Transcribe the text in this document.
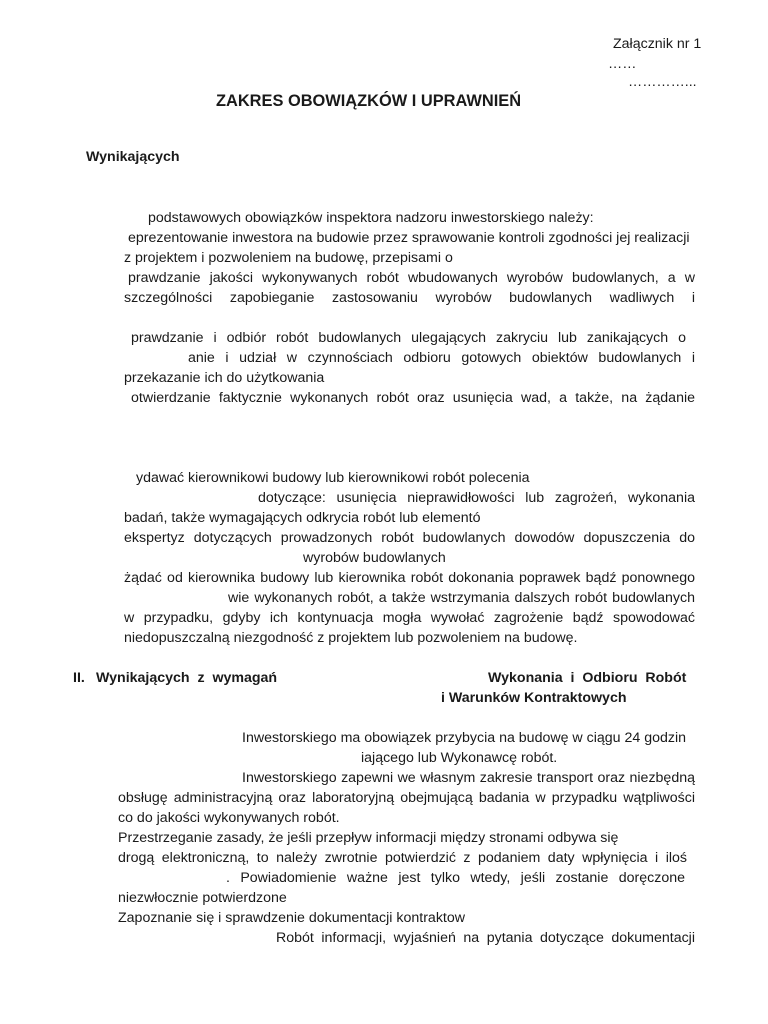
Załącznik nr 1
……
…………...
ZAKRES OBOWIĄZKÓW I UPRAWNIEŃ
Wynikających
podstawowych obowiązków inspektora nadzoru inwestorskiego należy:
eprezentowanie inwestora na budowie przez sprawowanie kontroli zgodności jej realizacji
z projektem i pozwoleniem na budowę, przepisami o
prawdzanie jakości wykonywanych robót wbudowanych wyrobów budowlanych, a w
szczególności zapobieganie zastosowaniu wyrobów budowlanych wadliwych i
prawdzanie i odbiór robót budowlanych ulegających zakryciu lub zanikających o
anie i udział w czynnościach odbioru gotowych obiektów budowlanych i
przekazanie ich do użytkowania
otwierdzanie faktycznie wykonanych robót oraz usunięcia wad, a także, na żądanie
ydawać kierownikowi budowy lub kierownikowi robót polecenia
dotyczące: usunięcia nieprawidłowości lub zagrożeń, wykonania
badań, także wymagających odkrycia robót lub elementó
ekspertyz dotyczących prowadzonych robót budowlanych dowodów dopuszczenia do
wyrobów budowlanych
żądać od kierownika budowy lub kierownika robót dokonania poprawek bądź ponownego
wie wykonanych robót, a także wstrzymania dalszych robót budowlanych
w przypadku, gdyby ich kontynuacja mogła wywołać zagrożenie bądź spowodować
niedopuszczalną niezgodność z projektem lub pozwoleniem na budowę.
II. Wynikających  z  wymagań	Wykonania  i  Odbioru  Robót
i Warunków Kontraktowych
Inwestorskiego ma obowiązek przybycia na budowę w ciągu 24 godzin
iającego lub Wykonawcę robót.
Inwestorskiego zapewni we własnym zakresie transport oraz niezbędną
obsługę administracyjną oraz laboratoryjną obejmującą badania w przypadku wątpliwości
co do jakości wykonywanych robót.
Przestrzeganie zasady, że jeśli przepływ informacji między stronami odbywa się
drogą elektroniczną, to należy zwrotnie potwierdzić z podaniem daty wpłynięcia i iloś
. Powiadomienie ważne jest tylko wtedy, jeśli zostanie doręczone
niezwłocznie potwierdzone
Zapoznanie się i sprawdzenie dokumentacji kontraktow
Robót informacji, wyjaśnień na pytania dotyczące dokumentacji
